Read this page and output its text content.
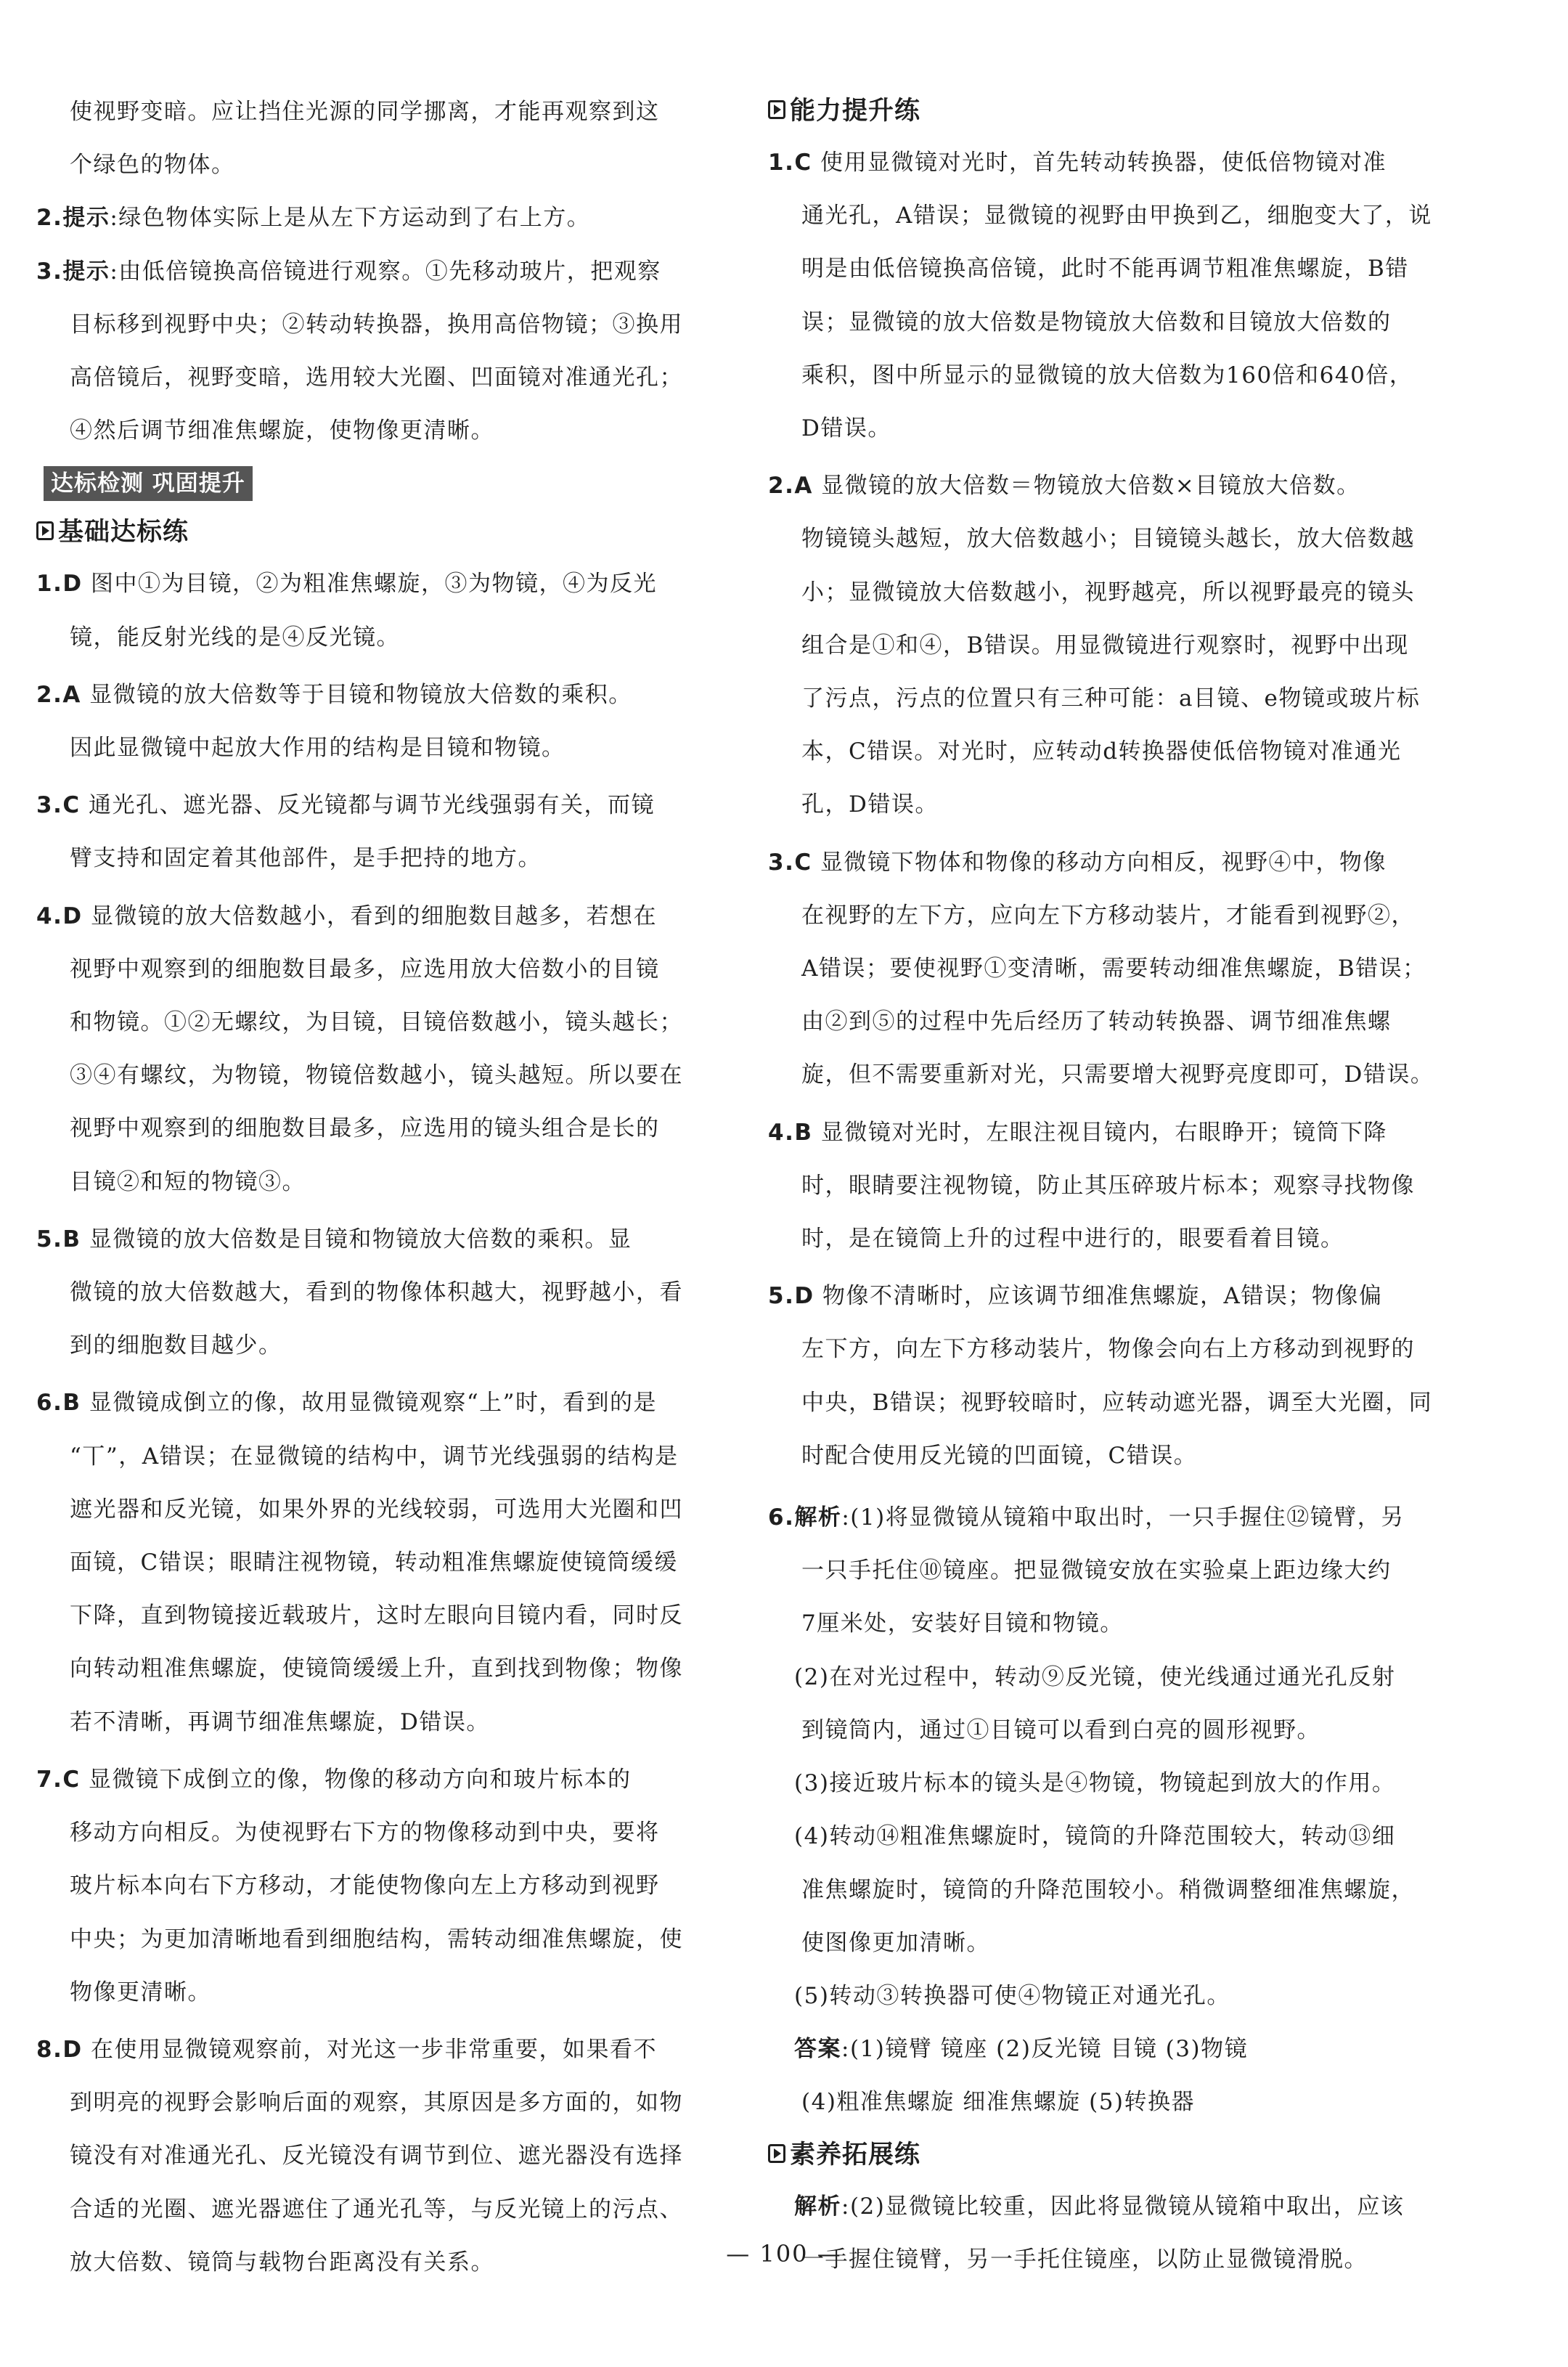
使视野变暗。应让挡住光源的同学挪离，才能再观察到这
个绿色的物体。
2.提示:绿色物体实际上是从左下方运动到了右上方。
3.提示:由低倍镜换高倍镜进行观察。①先移动玻片，把观察
目标移到视野中央；②转动转换器，换用高倍物镜；③换用
高倍镜后，视野变暗，选用较大光圈、凹面镜对准通光孔；
④然后调节细准焦螺旋，使物像更清晰。
达标检测 巩固提升
基础达标练
1.D 图中①为目镜，②为粗准焦螺旋，③为物镜，④为反光
镜，能反射光线的是④反光镜。
2.A 显微镜的放大倍数等于目镜和物镜放大倍数的乘积。
因此显微镜中起放大作用的结构是目镜和物镜。
3.C 通光孔、遮光器、反光镜都与调节光线强弱有关，而镜
臂支持和固定着其他部件，是手把持的地方。
4.D 显微镜的放大倍数越小，看到的细胞数目越多，若想在
视野中观察到的细胞数目最多，应选用放大倍数小的目镜
和物镜。①②无螺纹，为目镜，目镜倍数越小，镜头越长；
③④有螺纹，为物镜，物镜倍数越小，镜头越短。所以要在
视野中观察到的细胞数目最多，应选用的镜头组合是长的
目镜②和短的物镜③。
5.B 显微镜的放大倍数是目镜和物镜放大倍数的乘积。显
微镜的放大倍数越大，看到的物像体积越大，视野越小，看
到的细胞数目越少。
6.B 显微镜成倒立的像，故用显微镜观察“上”时，看到的是
“丅”，A错误；在显微镜的结构中，调节光线强弱的结构是
遮光器和反光镜，如果外界的光线较弱，可选用大光圈和凹
面镜，C错误；眼睛注视物镜，转动粗准焦螺旋使镜筒缓缓
下降，直到物镜接近载玻片，这时左眼向目镜内看，同时反
向转动粗准焦螺旋，使镜筒缓缓上升，直到找到物像；物像
若不清晰，再调节细准焦螺旋，D错误。
7.C 显微镜下成倒立的像，物像的移动方向和玻片标本的
移动方向相反。为使视野右下方的物像移动到中央，要将
玻片标本向右下方移动，才能使物像向左上方移动到视野
中央；为更加清晰地看到细胞结构，需转动细准焦螺旋，使
物像更清晰。
8.D 在使用显微镜观察前，对光这一步非常重要，如果看不
到明亮的视野会影响后面的观察，其原因是多方面的，如物
镜没有对准通光孔、反光镜没有调节到位、遮光器没有选择
合适的光圈、遮光器遮住了通光孔等，与反光镜上的污点、
放大倍数、镜筒与载物台距离没有关系。
能力提升练
1.C 使用显微镜对光时，首先转动转换器，使低倍物镜对准
通光孔，A错误；显微镜的视野由甲换到乙，细胞变大了，说
明是由低倍镜换高倍镜，此时不能再调节粗准焦螺旋，B错
误；显微镜的放大倍数是物镜放大倍数和目镜放大倍数的
乘积，图中所显示的显微镜的放大倍数为160倍和640倍，
D错误。
2.A 显微镜的放大倍数＝物镜放大倍数×目镜放大倍数。
物镜镜头越短，放大倍数越小；目镜镜头越长，放大倍数越
小；显微镜放大倍数越小，视野越亮，所以视野最亮的镜头
组合是①和④，B错误。用显微镜进行观察时，视野中出现
了污点，污点的位置只有三种可能：a目镜、e物镜或玻片标
本，C错误。对光时，应转动d转换器使低倍物镜对准通光
孔，D错误。
3.C 显微镜下物体和物像的移动方向相反，视野④中，物像
在视野的左下方，应向左下方移动装片，才能看到视野②，
A错误；要使视野①变清晰，需要转动细准焦螺旋，B错误；
由②到⑤的过程中先后经历了转动转换器、调节细准焦螺
旋，但不需要重新对光，只需要增大视野亮度即可，D错误。
4.B 显微镜对光时，左眼注视目镜内，右眼睁开；镜筒下降
时，眼睛要注视物镜，防止其压碎玻片标本；观察寻找物像
时，是在镜筒上升的过程中进行的，眼要看着目镜。
5.D 物像不清晰时，应该调节细准焦螺旋，A错误；物像偏
左下方，向左下方移动装片，物像会向右上方移动到视野的
中央，B错误；视野较暗时，应转动遮光器，调至大光圈，同
时配合使用反光镜的凹面镜，C错误。
6.解析:(1)将显微镜从镜箱中取出时，一只手握住⑫镜臂，另
一只手托住⑩镜座。把显微镜安放在实验桌上距边缘大约
7厘米处，安装好目镜和物镜。
(2)在对光过程中，转动⑨反光镜，使光线通过通光孔反射
到镜筒内，通过①目镜可以看到白亮的圆形视野。
(3)接近玻片标本的镜头是④物镜，物镜起到放大的作用。
(4)转动⑭粗准焦螺旋时，镜筒的升降范围较大，转动⑬细
准焦螺旋时，镜筒的升降范围较小。稍微调整细准焦螺旋，
使图像更加清晰。
(5)转动③转换器可使④物镜正对通光孔。
答案:(1)镜臂 镜座 (2)反光镜 目镜 (3)物镜
(4)粗准焦螺旋 细准焦螺旋 (5)转换器
素养拓展练
解析:(2)显微镜比较重，因此将显微镜从镜箱中取出，应该
一手握住镜臂，另一手托住镜座，以防止显微镜滑脱。
— 100 —
